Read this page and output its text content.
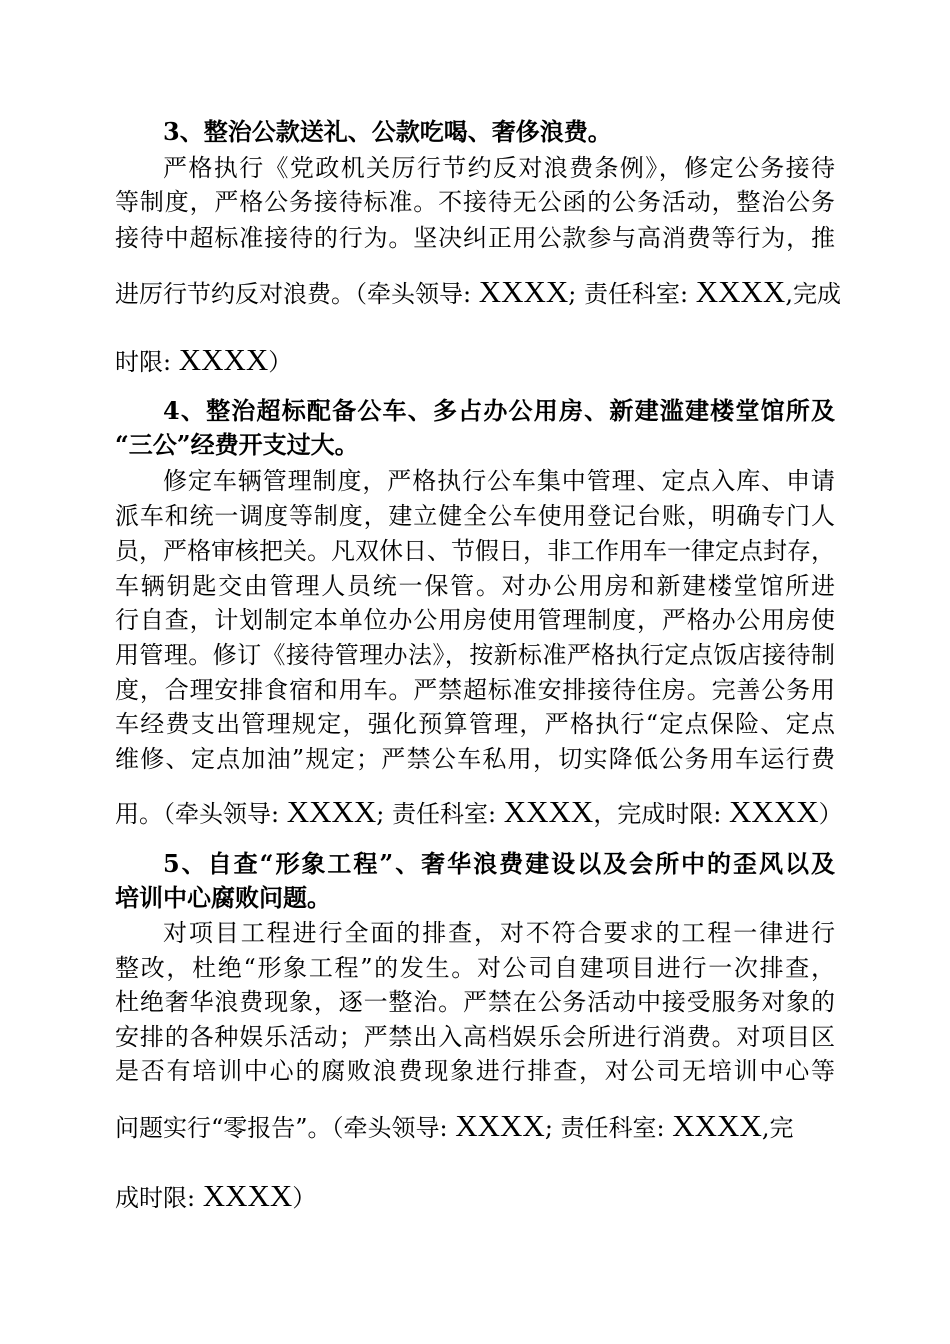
3、整治公款送礼、公款吃喝、奢侈浪费。
严格执行《党政机关厉行节约反对浪费条例》，修定公务接待
等制度，严格公务接待标准。不接待无公函的公务活动，整治公务
接待中超标准接待的行为。坚决纠正用公款参与高消费等行为，推
进厉行节约反对浪费。（牵头领导: XXXX; 责任科室: XXXX,完成
时限: XXXX）
4、整治超标配备公车、多占办公用房、新建滥建楼堂馆所及
“三公”经费开支过大。
修定车辆管理制度，严格执行公车集中管理、定点入库、申请
派车和统一调度等制度，建立健全公车使用登记台账，明确专门人
员，严格审核把关。凡双休日、节假日，非工作用车一律定点封存，
车辆钥匙交由管理人员统一保管。对办公用房和新建楼堂馆所进
行自查，计划制定本单位办公用房使用管理制度，严格办公用房使
用管理。修订《接待管理办法》，按新标准严格执行定点饭店接待制
度，合理安排食宿和用车。严禁超标准安排接待住房。完善公务用
车经费支出管理规定，强化预算管理，严格执行“定点保险、定点
维修、定点加油”规定；严禁公车私用，切实降低公务用车运行费
用。（牵头领导: XXXX; 责任科室: XXXX，完成时限: XXXX）
5、自查“形象工程”、奢华浪费建设以及会所中的歪风以及
培训中心腐败问题。
对项目工程进行全面的排查，对不符合要求的工程一律进行
整改，杜绝“形象工程”的发生。对公司自建项目进行一次排查，
杜绝奢华浪费现象，逐一整治。严禁在公务活动中接受服务对象的
安排的各种娱乐活动；严禁出入高档娱乐会所进行消费。对项目区
是否有培训中心的腐败浪费现象进行排查，对公司无培训中心等
问题实行“零报告”。（牵头领导: XXXX; 责任科室: XXXX,完
成时限: XXXX）
